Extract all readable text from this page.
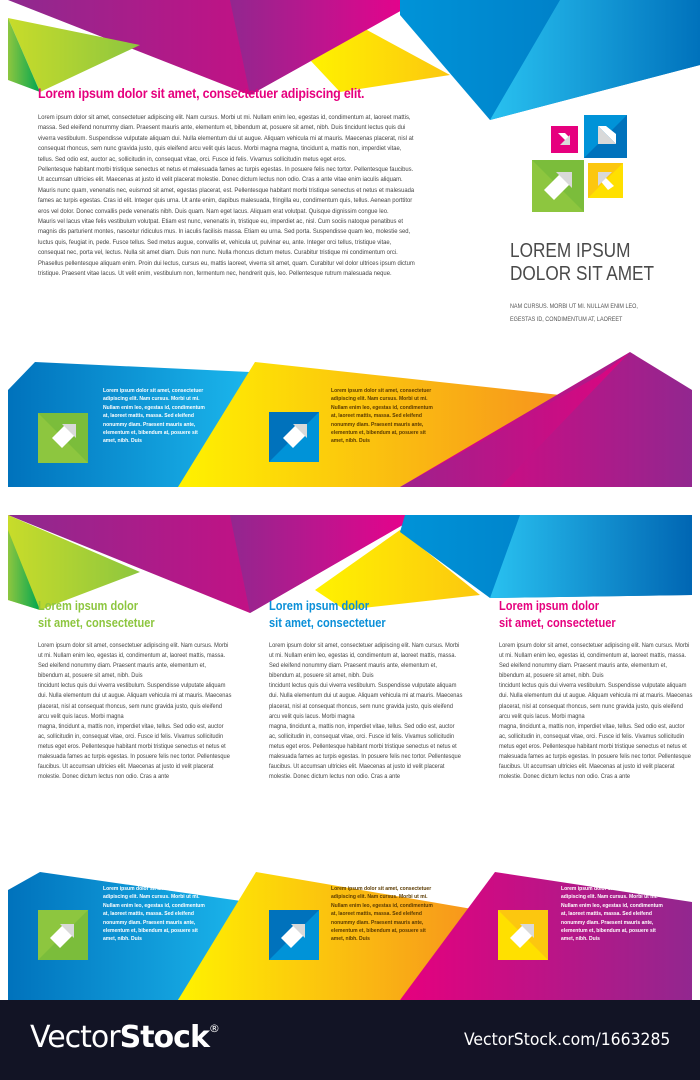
Lorem ipsum dolor sit amet, consectetuer adipiscing elit.

Lorem ipsum dolor sit amet, consectetuer adipiscing elit. Nam cursus. Morbi ut mi. Nullam enim leo, egestas id, condimentum at, laoreet mattis, massa. Sed eleifend nonummy diam. Praesent mauris ante, elementum et, bibendum at, posuere sit amet, nibh. Duis tincidunt lectus quis dui viverra vestibulum. Suspendisse vulputate aliquam dui. Nulla elementum dui ut augue. Aliquam vehicula mi at mauris. Maecenas placerat, nisl at consequat rhoncus, sem nunc gravida justo, quis eleifend arcu velit quis lacus. Morbi magna magna, tincidunt a, mattis non, imperdiet vitae, tellus. Sed odio est, auctor ac, sollicitudin in, consequat vitae, orci. Fusce id felis. Vivamus sollicitudin metus eget eros.

Pellentesque habitant morbi tristique senectus et netus et malesuada fames ac turpis egestas. In posuere felis nec tortor. Pellentesque faucibus. Ut accumsan ultricies elit. Maecenas at justo id velit placerat molestie. Donec dictum lectus non odio. Cras a ante vitae enim iaculis aliquam. Mauris nunc quam, venenatis nec, euismod sit amet, egestas placerat, est. Pellentesque habitant morbi tristique senectus et netus et malesuada fames ac turpis egestas. Cras id elit. Integer quis urna. Ut ante enim, dapibus malesuada, fringilla eu, condimentum quis, tellus. Aenean porttitor eros vel dolor. Donec convallis pede venenatis nibh. Duis quam. Nam eget lacus. Aliquam erat volutpat. Quisque dignissim congue leo.

Mauris vel lacus vitae felis vestibulum volutpat. Etiam est nunc, venenatis in, tristique eu, imperdiet ac, nisl. Cum sociis natoque penatibus et magnis dis parturient montes, nascetur ridiculus mus. In iaculis facilisis massa. Etiam eu urna. Sed porta. Suspendisse quam leo, molestie sed, luctus quis, feugiat in, pede. Fusce tellus. Sed metus augue, convallis et, vehicula ut, pulvinar eu, ante. Integer orci tellus, tristique vitae, consequat nec, porta vel, lectus. Nulla sit amet diam. Duis non nunc. Nulla rhoncus dictum metus. Curabitur tristique mi condimentum orci. Phasellus pellentesque aliquam enim. Proin dui lectus, cursus eu, mattis laoreet, viverra sit amet, quam. Curabitur vel dolor ultrices ipsum dictum tristique. Praesent vitae lacus. Ut velit enim, vestibulum non, fermentum nec, hendrerit quis, leo. Pellentesque rutrum malesuada neque.

LOREM IPSUM
DOLOR SIT AMET
NAM CURSUS. MORBI UT MI. NULLAM ENIM LEO,
EGESTAS ID, CONDIMENTUM AT, LAOREET
Lorem ipsum dolor sit amet, consectetuer adipiscing elit. Nam cursus. Morbi ut mi. Nullam enim leo, egestas id, condimentum at, laoreet mattis, massa. Sed eleifend nonummy diam. Praesent mauris ante, elementum et, bibendum at, posuere sit amet, nibh. Duis
Lorem ipsum dolor sit amet, consectetuer adipiscing elit. Nam cursus. Morbi ut mi. Nullam enim leo, egestas id, condimentum at, laoreet mattis, massa. Sed eleifend nonummy diam. Praesent mauris ante, elementum et, bibendum at, posuere sit amet, nibh. Duis
Lorem ipsum dolor
sit amet, consectetuer

Lorem ipsum dolor sit amet, consectetuer adipiscing elit. Nam cursus. Morbi ut mi. Nullam enim leo, egestas id, condimentum at, laoreet mattis, massa. Sed eleifend nonummy diam. Praesent mauris ante, elementum et, bibendum at, posuere sit amet, nibh. Duis

tincidunt lectus quis dui viverra vestibulum. Suspendisse vulputate aliquam dui. Nulla elementum dui ut augue. Aliquam vehicula mi at mauris. Maecenas placerat, nisl at consequat rhoncus, sem nunc gravida justo, quis eleifend arcu velit quis lacus. Morbi magna

magna, tincidunt a, mattis non, imperdiet vitae, tellus. Sed odio est, auctor ac, sollicitudin in, consequat vitae, orci. Fusce id felis. Vivamus sollicitudin metus eget eros. Pellentesque habitant morbi tristique senectus et netus et malesuada fames ac turpis egestas. In posuere felis nec tortor. Pellentesque faucibus. Ut accumsan ultricies elit. Maecenas at justo id velit placerat molestie. Donec dictum lectus non odio. Cras a ante

Lorem ipsum dolor
sit amet, consectetuer

Lorem ipsum dolor sit amet, consectetuer adipiscing elit. Nam cursus. Morbi ut mi. Nullam enim leo, egestas id, condimentum at, laoreet mattis, massa. Sed eleifend nonummy diam. Praesent mauris ante, elementum et, bibendum at, posuere sit amet, nibh. Duis

tincidunt lectus quis dui viverra vestibulum. Suspendisse vulputate aliquam dui. Nulla elementum dui ut augue. Aliquam vehicula mi at mauris. Maecenas placerat, nisl at consequat rhoncus, sem nunc gravida justo, quis eleifend arcu velit quis lacus. Morbi magna

magna, tincidunt a, mattis non, imperdiet vitae, tellus. Sed odio est, auctor ac, sollicitudin in, consequat vitae, orci. Fusce id felis. Vivamus sollicitudin metus eget eros. Pellentesque habitant morbi tristique senectus et netus et malesuada fames ac turpis egestas. In posuere felis nec tortor. Pellentesque faucibus. Ut accumsan ultricies elit. Maecenas at justo id velit placerat molestie. Donec dictum lectus non odio. Cras a ante

Lorem ipsum dolor
sit amet, consectetuer

Lorem ipsum dolor sit amet, consectetuer adipiscing elit. Nam cursus. Morbi ut mi. Nullam enim leo, egestas id, condimentum at, laoreet mattis, massa. Sed eleifend nonummy diam. Praesent mauris ante, elementum et, bibendum at, posuere sit amet, nibh. Duis

tincidunt lectus quis dui viverra vestibulum. Suspendisse vulputate aliquam dui. Nulla elementum dui ut augue. Aliquam vehicula mi at mauris. Maecenas placerat, nisl at consequat rhoncus, sem nunc gravida justo, quis eleifend arcu velit quis lacus. Morbi magna

magna, tincidunt a, mattis non, imperdiet vitae, tellus. Sed odio est, auctor ac, sollicitudin in, consequat vitae, orci. Fusce id felis. Vivamus sollicitudin metus eget eros. Pellentesque habitant morbi tristique senectus et netus et malesuada fames ac turpis egestas. In posuere felis nec tortor. Pellentesque faucibus. Ut accumsan ultricies elit. Maecenas at justo id velit placerat molestie. Donec dictum lectus non odio. Cras a ante

Lorem ipsum dolor sit amet, consectetuer adipiscing elit. Nam cursus. Morbi ut mi. Nullam enim leo, egestas id, condimentum at, laoreet mattis, massa. Sed eleifend nonummy diam. Praesent mauris ante, elementum et, bibendum at, posuere sit amet, nibh. Duis
Lorem ipsum dolor sit amet, consectetuer adipiscing elit. Nam cursus. Morbi ut mi. Nullam enim leo, egestas id, condimentum at, laoreet mattis, massa. Sed eleifend nonummy diam. Praesent mauris ante, elementum et, bibendum at, posuere sit amet, nibh. Duis
Lorem ipsum dolor sit amet, consectetuer adipiscing elit. Nam cursus. Morbi ut mi. Nullam enim leo, egestas id, condimentum at, laoreet mattis, massa. Sed eleifend nonummy diam. Praesent mauris ante, elementum et, bibendum at, posuere sit amet, nibh. Duis
VectorStock®
VectorStock.com/1663285
